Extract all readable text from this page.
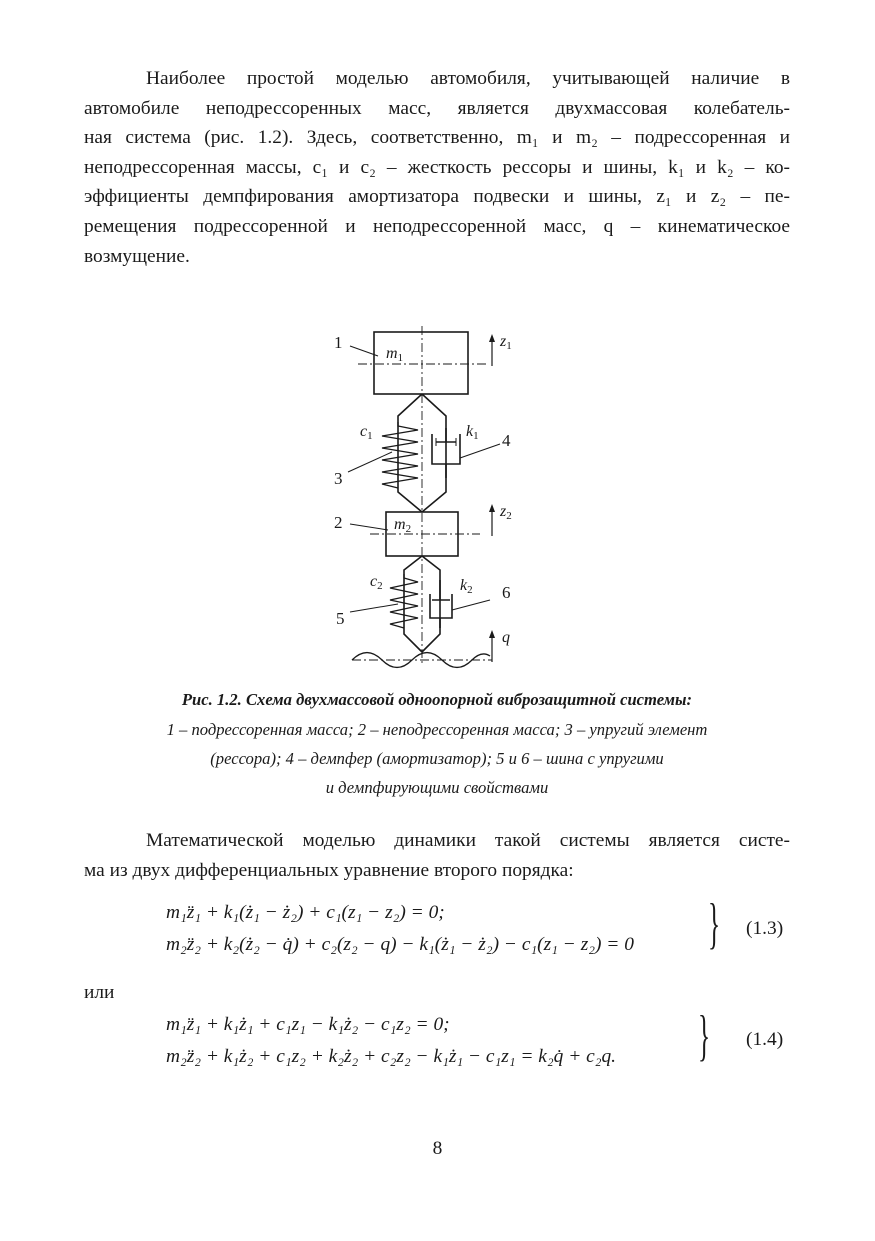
Наиболее простой моделью автомобиля, учитывающей наличие в
автомобиле неподрессоренных масс, является двухмассовая колебатель-
ная система (рис. 1.2). Здесь, соответственно, m₁ и m₂ – подрессоренная и
неподрессоренная массы, c₁ и c₂ – жесткость рессоры и шины, k₁ и k₂ – ко-
эффициенты демпфирования амортизатора подвески и шины, z₁ и z₂ – пе-
ремещения подрессоренной и неподрессоренной масс, q – кинематическое
возмущение.
1
2
3
4
5
6
m1
m2
c1
c2
k1
k2
z1
z2
q
Рис. 1.2. Схема двухмассовой одноопорной виброзащитной системы:
1 – подрессоренная масса; 2 – неподрессоренная масса; 3 – упругий элемент
(рессора); 4 – демпфер (амортизатор); 5 и 6 – шина с упругими
и демпфирующими свойствами
Математической моделью динамики такой системы является систе-
ма из двух дифференциальных уравнение второго порядка:
m₁z̈₁ + k₁(ż₁ − ż₂) + c₁(z₁ − z₂) = 0;
m₂z̈₂ + k₂(ż₂ − q̇) + c₂(z₂ − q) − k₁(ż₁ − ż₂) − c₁(z₁ − z₂) = 0 } (1.3)
или
m₁z̈₁ + k₁ż₁ + c₁z₁ − k₁ż₂ − c₁z₂ = 0;
m₂z̈₂ + k₁ż₂ + c₁z₂ + k₂ż₂ + c₂z₂ − k₁ż₁ − c₁z₁ = k₂q̇ + c₂q. } (1.4)
8
